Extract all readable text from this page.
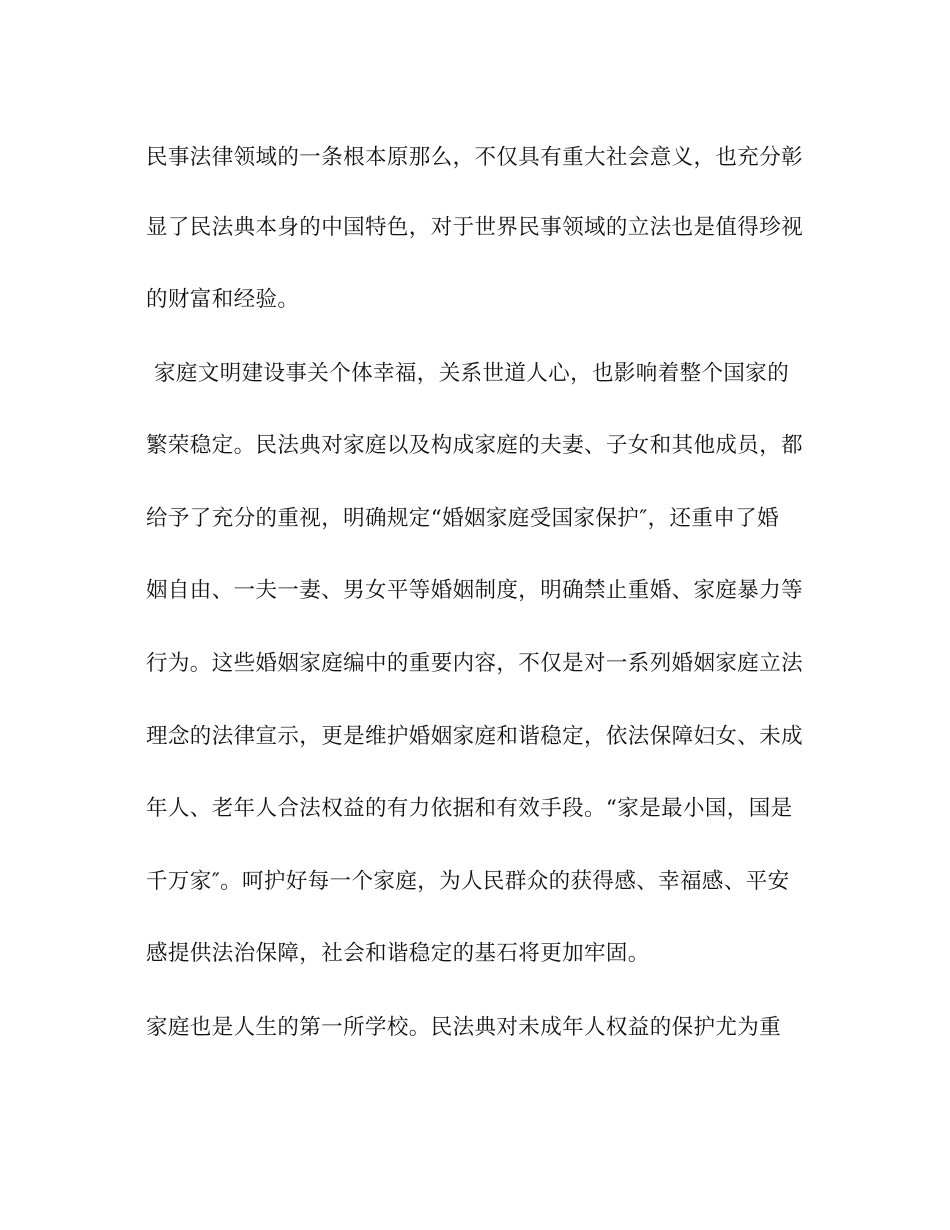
民事法律领域的一条根本原那么，不仅具有重大社会意义，也充分彰

显了民法典本身的中国特色，对于世界民事领域的立法也是值得珍视

的财富和经验。

家庭文明建设事关个体幸福，关系世道人心，也影响着整个国家的

繁荣稳定。民法典对家庭以及构成家庭的夫妻、子女和其他成员，都

给予了充分的重视，明确规定“婚姻家庭受国家保护″，还重申了婚

姻自由、一夫一妻、男女平等婚姻制度，明确禁止重婚、家庭暴力等

行为。这些婚姻家庭编中的重要内容，不仅是对一系列婚姻家庭立法

理念的法律宣示，更是维护婚姻家庭和谐稳定，依法保障妇女、未成

年人、老年人合法权益的有力依据和有效手段。“家是最小国，国是

千万家″。呵护好每一个家庭，为人民群众的获得感、幸福感、平安

感提供法治保障，社会和谐稳定的基石将更加牢固。

家庭也是人生的第一所学校。民法典对未成年人权益的保护尤为重
